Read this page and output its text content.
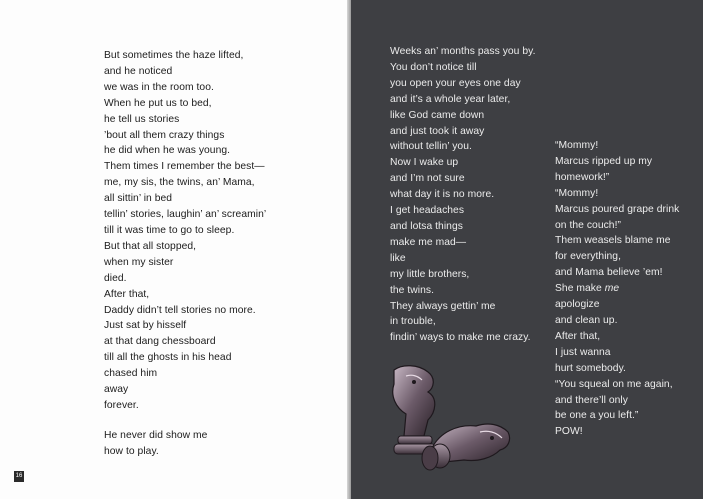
But sometimes the haze lifted,
and he noticed
we was in the room too.
When he put us to bed,
he tell us stories
’bout all them crazy things
he did when he was young.
Them times I remember the best—
me, my sis, the twins, an’ Mama,
all sittin’ in bed
tellin’ stories, laughin’ an’ screamin’
till it was time to go to sleep.
But that all stopped,
when my sister
died.
After that,
Daddy didn’t tell stories no more.
Just sat by hisself
at that dang chessboard
till all the ghosts in his head
chased him
away
forever.
He never did show me
how to play.
16
Weeks an’ months pass you by.
You don’t notice till
you open your eyes one day
and it’s a whole year later,
like God came down
and just took it away
without tellin’ you.
Now I wake up
and I’m not sure
what day it is no more.
I get headaches
and lotsa things
make me mad—
like
my little brothers,
the twins.
They always gettin’ me
in trouble,
findin’ ways to make me crazy.
“Mommy!
Marcus ripped up my
homework!”
“Mommy!
Marcus poured grape drink
on the couch!”
Them weasels blame me
for everything,
and Mama believe ’em!
She make me
apologize
and clean up.
After that,
I just wanna
hurt somebody.
“You squeal on me again,
and there’ll only
be one a you left.”
POW!
